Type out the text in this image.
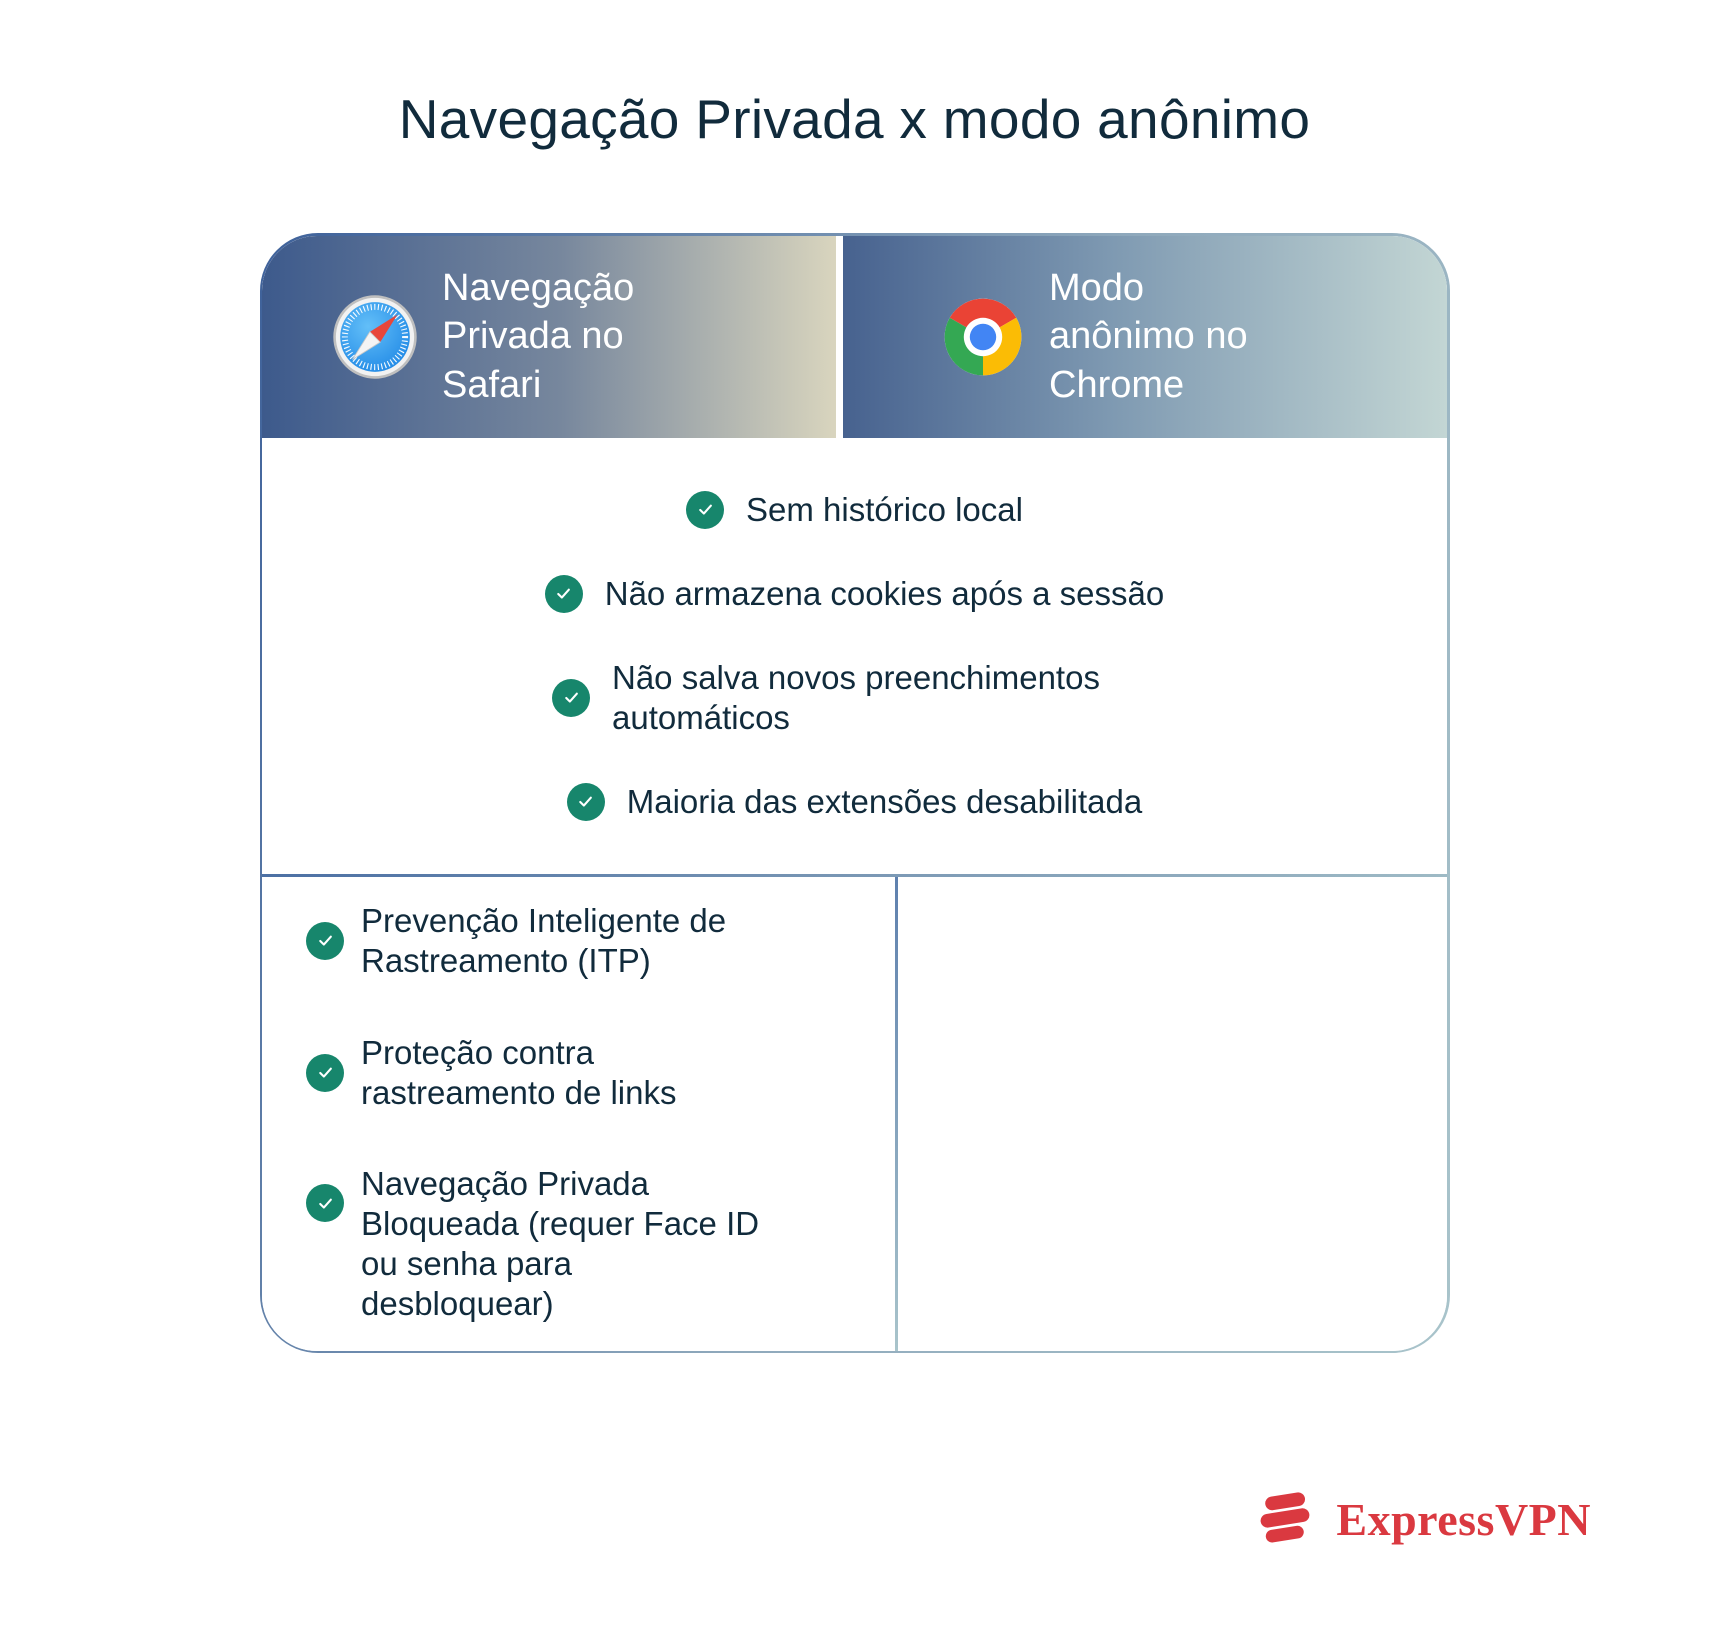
Navegação Privada x modo anônimo
Navegação Privada no Safari
Modo anônimo no Chrome
Sem histórico local
Não armazena cookies após a sessão
Não salva novos preenchimentos automáticos
Maioria das extensões desabilitada
Prevenção Inteligente de Rastreamento (ITP)
Proteção contra rastreamento de links
Navegação Privada Bloqueada (requer Face ID ou senha para desbloquear)
ExpressVPN
